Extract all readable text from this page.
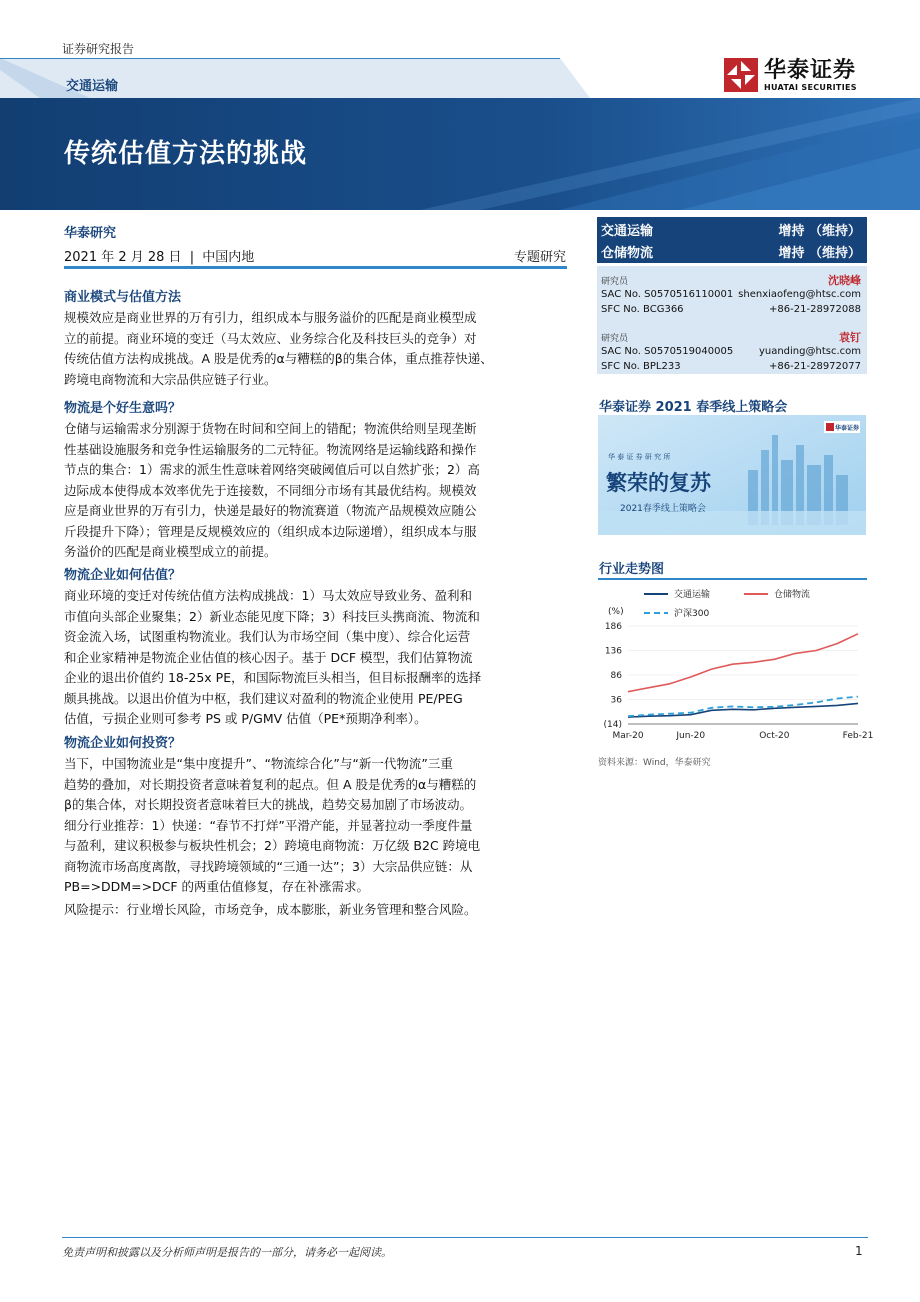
证券研究报告
交通运输
华泰证券
HUATAI SECURITIES
传统估值方法的挑战
华泰研究
2021 年 2 月 28 日 | 中国内地	专题研究
商业模式与估值方法
规模效应是商业世界的万有引力，组织成本与服务溢价的匹配是商业模型成
立的前提。商业环境的变迁（马太效应、业务综合化及科技巨头的竞争）对
传统估值方法构成挑战。A 股是优秀的α与糟糕的β的集合体，重点推荐快递、
跨境电商物流和大宗品供应链子行业。
物流是个好生意吗？
仓储与运输需求分别源于货物在时间和空间上的错配；物流供给则呈现垄断
性基础设施服务和竞争性运输服务的二元特征。物流网络是运输线路和操作
节点的集合：1）需求的派生性意味着网络突破阈值后可以自然扩张；2）高
边际成本使得成本效率优先于连接数，不同细分市场有其最优结构。规模效
应是商业世界的万有引力，快递是最好的物流赛道（物流产品规模效应随公
斤段提升下降）；管理是反规模效应的（组织成本边际递增），组织成本与服
务溢价的匹配是商业模型成立的前提。
物流企业如何估值？
商业环境的变迁对传统估值方法构成挑战：1）马太效应导致业务、盈利和
市值向头部企业聚集；2）新业态能见度下降；3）科技巨头携商流、物流和
资金流入场，试图重构物流业。我们认为市场空间（集中度）、综合化运营
和企业家精神是物流企业估值的核心因子。基于 DCF 模型，我们估算物流
企业的退出价值约 18-25x PE，和国际物流巨头相当，但目标报酬率的选择
颇具挑战。以退出价值为中枢，我们建议对盈利的物流企业使用 PE/PEG
估值，亏损企业则可参考 PS 或 P/GMV 估值（PE*预期净利率）。
物流企业如何投资？
当下，中国物流业是“集中度提升”、“物流综合化”与“新一代物流”三重
趋势的叠加，对长期投资者意味着复利的起点。但 A 股是优秀的α与糟糕的
β的集合体，对长期投资者意味着巨大的挑战，趋势交易加剧了市场波动。
细分行业推荐：1）快递：“春节不打烊”平滑产能，并显著拉动一季度件量
与盈利，建议积极参与板块性机会；2）跨境电商物流：万亿级 B2C 跨境电
商物流市场高度离散，寻找跨境领域的“三通一达”；3）大宗品供应链：从
PB=>DDM=>DCF 的两重估值修复，存在补涨需求。
风险提示：行业增长风险，市场竞争，成本膨胀，新业务管理和整合风险。
交通运输	增持 （维持）
仓储物流	增持 （维持）
研究员	沈晓峰
SAC No. S0570516110001 shenxiaofeng@htsc.com
SFC No. BCG366	+86-21-28972088
研究员	袁钉
SAC No. S0570519040005	yuanding@htsc.com
SFC No. BPL233	+86-21-28972077
华泰证券 2021 春季线上策略会
华泰证券
华 泰 证 券 研 究 所
繁荣的复苏
2021春季线上策略会
行业走势图
交通运输	仓储物流
沪深300
(%)
186
136
86
36
(14)
Mar-20	Jun-20	Oct-20	Feb-21
资料来源：Wind，华泰研究
免责声明和披露以及分析师声明是报告的一部分，请务必一起阅读。	1
